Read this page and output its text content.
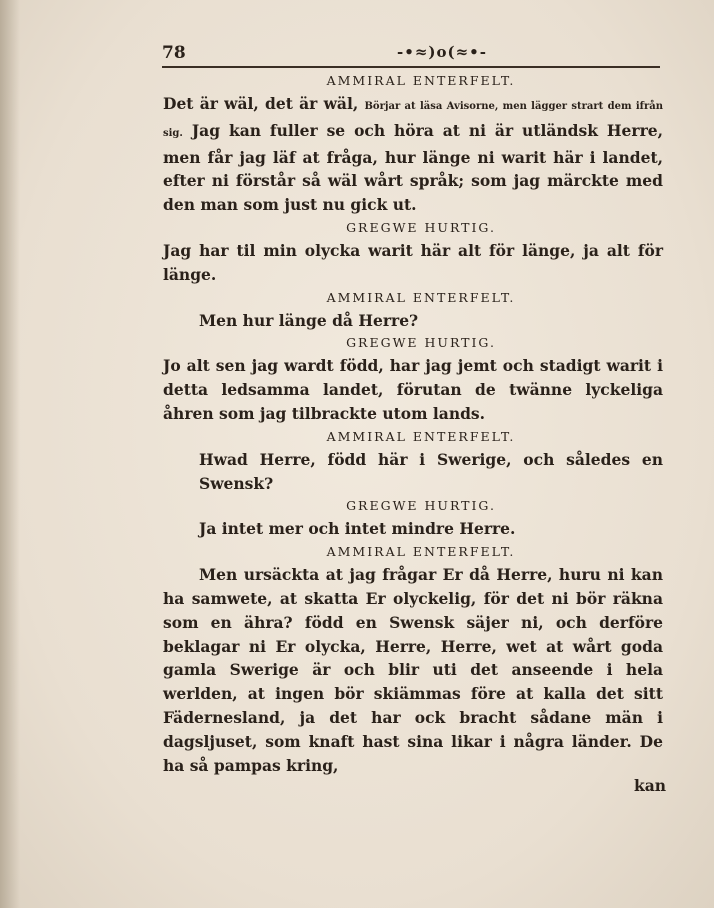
78	-•≈)o(≈•-

AMMIRAL ENTERFELT.

Det är wäl, det är wäl, Börjar at läsa Avisorne, men lägger strart dem ifrån sig. Jag kan fuller se och höra at ni är utländsk Herre, men får jag läf at fråga, hur länge ni warit här i landet, efter ni förstår så wäl wårt språk; som jag märckte med den man som just nu gick ut.

GREGWE HURTIG.

Jag har til min olycka warit här alt för länge, ja alt för länge.

AMMIRAL ENTERFELT.

Men hur länge då Herre?

GREGWE HURTIG.

Jo alt sen jag wardt född, har jag jemt och stadigt warit i detta ledsamma landet, förutan de twänne lyckeliga åhren som jag tilbrackte utom lands.

AMMIRAL ENTERFELT.

Hwad Herre, född här i Swerige, och således en Swensk?

GREGWE HURTIG.

Ja intet mer och intet mindre Herre.

AMMIRAL ENTERFELT.

Men ursäckta at jag frågar Er då Herre, huru ni kan ha samwete, at skatta Er olyckelig, för det ni bör räkna som en ähra? född en Swensk säjer ni, och derföre beklagar ni Er olycka, Herre, Herre, wet at wårt goda gamla Swerige är och blir uti det anseende i hela werlden, at ingen bör skiämmas före at kalla det sitt Fädernesland, ja det har ock bracht sådane män i dagsljuset, som knaft hast sina likar i några länder. De ha så pampas kring,

kan
